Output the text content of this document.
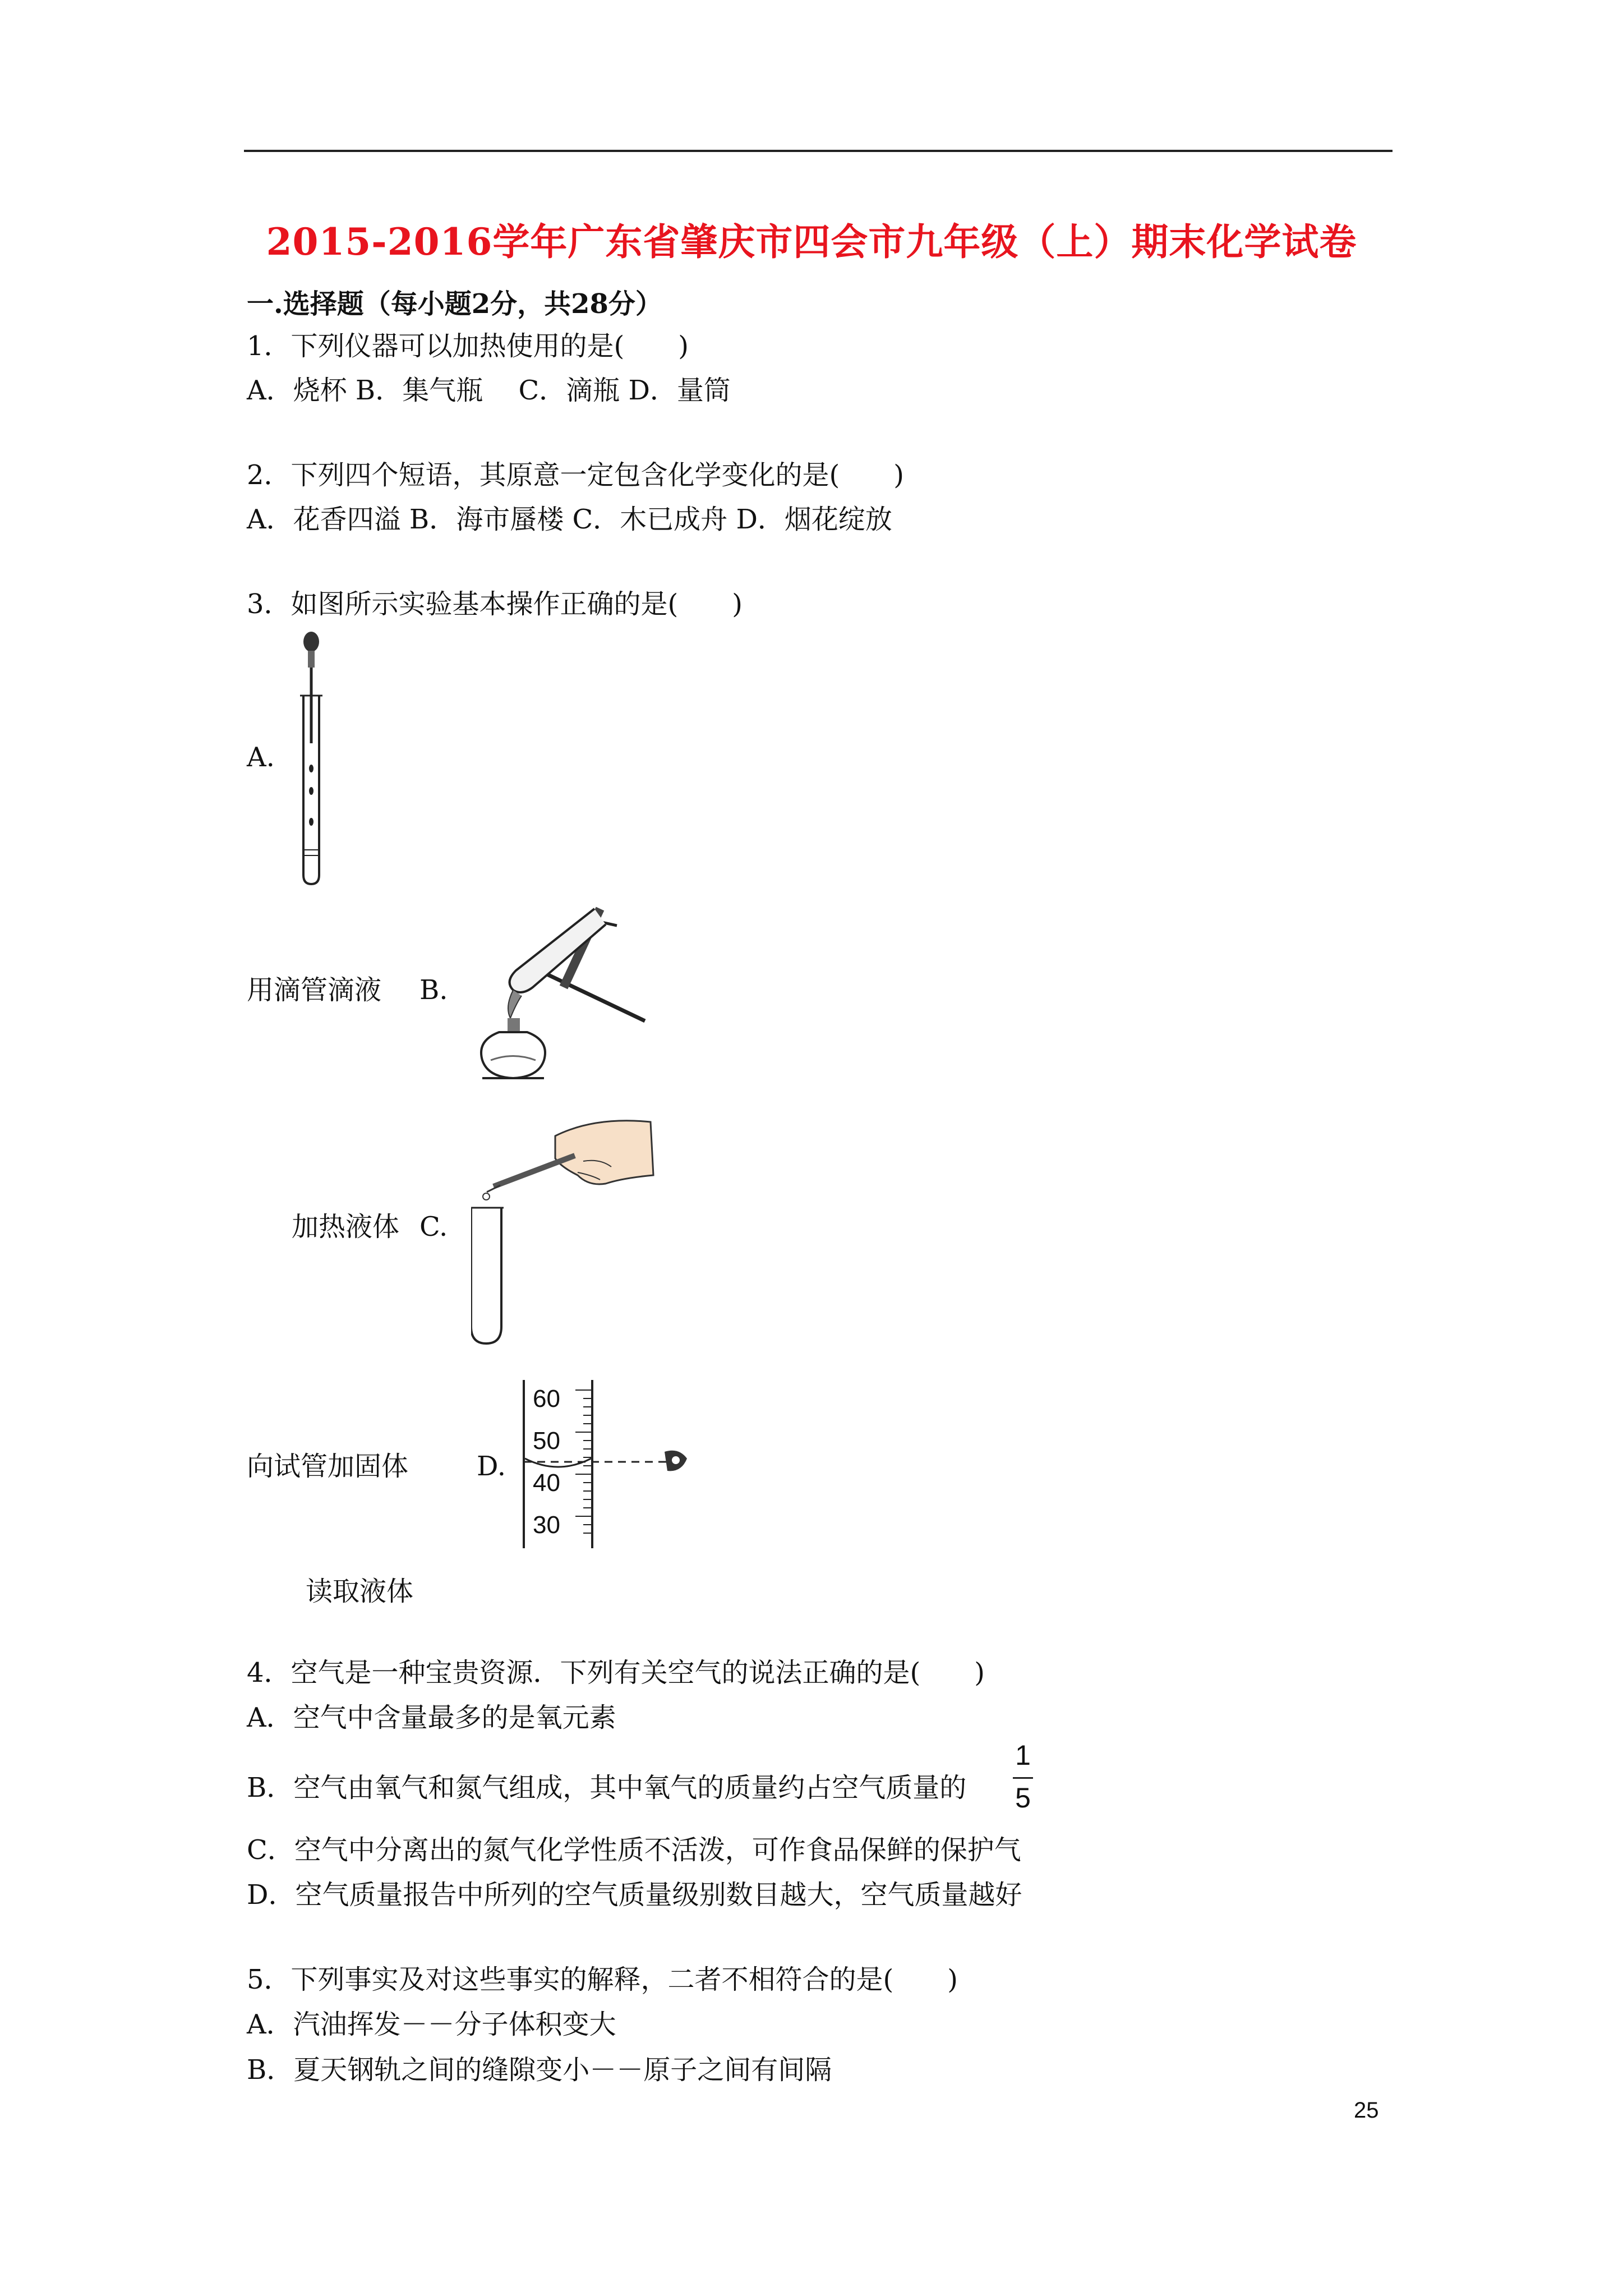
2015-2016学年广东省肇庆市四会市九年级（上）期末化学试卷
一.选择题（每小题2分，共28分）
1．下列仪器可以加热使用的是(　　)
A．烧杯 B．集气瓶　 C．滴瓶 D．量筒
2．下列四个短语，其原意一定包含化学变化的是(　　)
A．花香四溢 B．海市蜃楼 C．木已成舟 D．烟花绽放
3．如图所示实验基本操作正确的是(　　)
A.
用滴管滴液 B.
加热液体 C.
60
50
40
30
向试管加固体	D.
读取液体
4．空气是一种宝贵资源．下列有关空气的说法正确的是(　　)
A．空气中含量最多的是氧元素
B．空气由氧气和氮气组成，其中氧气的质量约占空气质量的
1
5
C．空气中分离出的氮气化学性质不活泼，可作食品保鲜的保护气
D．空气质量报告中所列的空气质量级别数目越大，空气质量越好
5．下列事实及对这些事实的解释，二者不相符合的是(　　)
A．汽油挥发－－分子体积变大
B．夏天钢轨之间的缝隙变小－－原子之间有间隔
25
